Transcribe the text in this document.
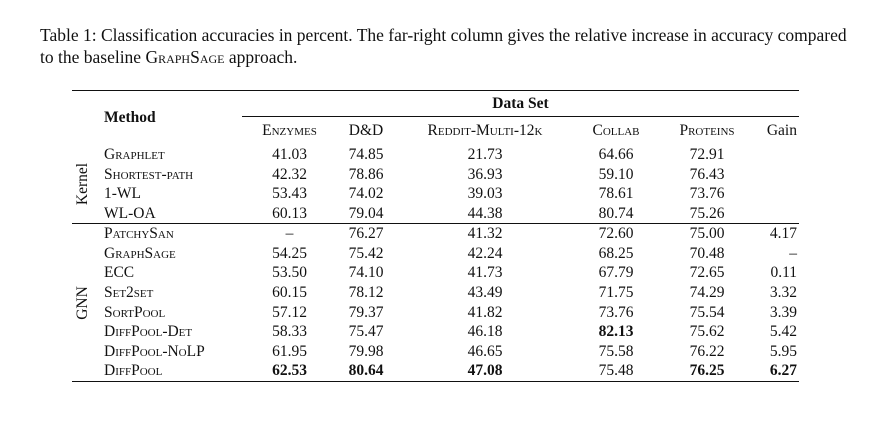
Table 1: Classification accuracies in percent. The far-right column gives the relative increase in accuracy compared to the baseline GraphSage approach.
	Method	Data Set					
		Enzymes	D&D	Reddit-Multi-12k	Collab	Proteins	Gain

Kernel	Graphlet	41.03	74.85	21.73	64.66	72.91	
	Shortest-path	42.32	78.86	36.93	59.10	76.43	
	1-WL	53.43	74.02	39.03	78.61	73.76	
	WL-OA	60.13	79.04	44.38	80.74	75.26	

GNN	PatchySan	–	76.27	41.32	72.60	75.00	4.17
	GraphSage	54.25	75.42	42.24	68.25	70.48	–
	ECC	53.50	74.10	41.73	67.79	72.65	0.11
	Set2set	60.15	78.12	43.49	71.75	74.29	3.32
	SortPool	57.12	79.37	41.82	73.76	75.54	3.39
	DiffPool-Det	58.33	75.47	46.18	82.13	75.62	5.42
	DiffPool-NoLP	61.95	79.98	46.65	75.58	76.22	5.95
	DiffPool	62.53	80.64	47.08	75.48	76.25	6.27
